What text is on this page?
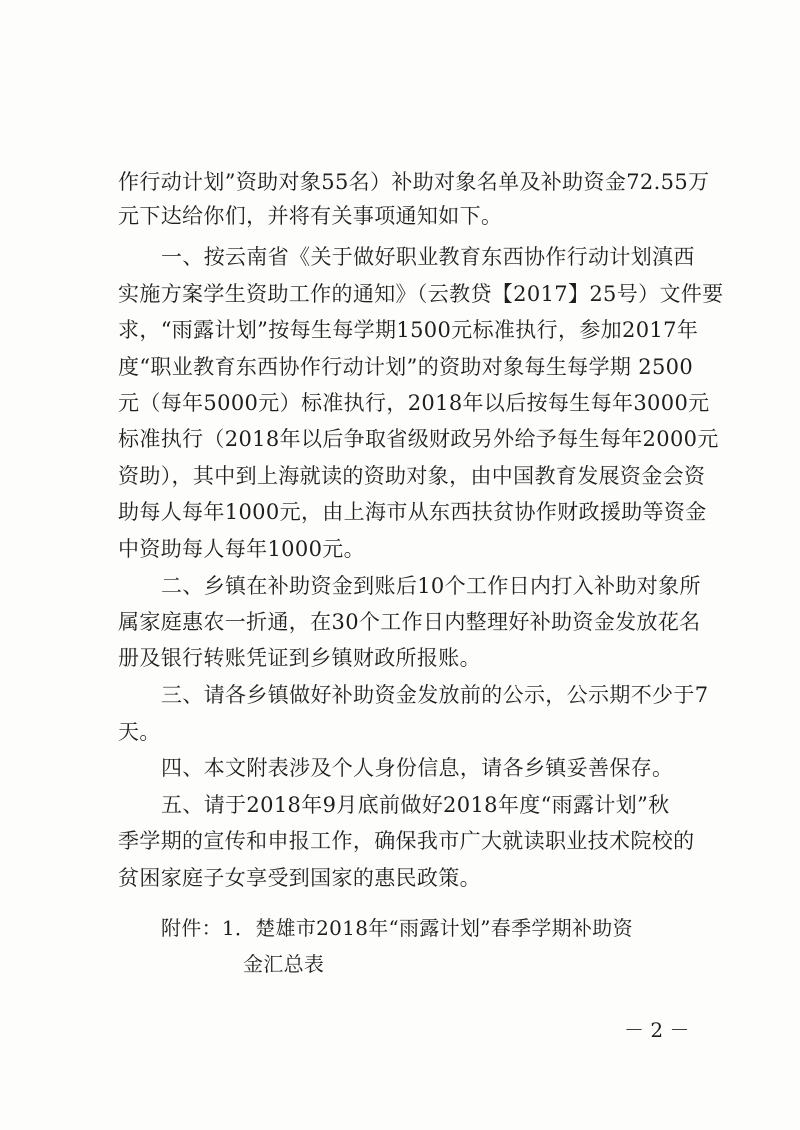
作行动计划”资助对象55名）补助对象名单及补助资金72.55万
元下达给你们，并将有关事项通知如下。
一、按云南省《关于做好职业教育东西协作行动计划滇西
实施方案学生资助工作的通知》（云教贷【2017】25号）文件要
求，“雨露计划”按每生每学期1500元标准执行，参加2017年
度“职业教育东西协作行动计划”的资助对象每生每学期 2500
元（每年5000元）标准执行，2018年以后按每生每年3000元
标准执行（2018年以后争取省级财政另外给予每生每年2000元
资助），其中到上海就读的资助对象，由中国教育发展资金会资
助每人每年1000元，由上海市从东西扶贫协作财政援助等资金
中资助每人每年1000元。
二、乡镇在补助资金到账后10个工作日内打入补助对象所
属家庭惠农一折通，在30个工作日内整理好补助资金发放花名
册及银行转账凭证到乡镇财政所报账。
三、请各乡镇做好补助资金发放前的公示，公示期不少于7
天。
四、本文附表涉及个人身份信息，请各乡镇妥善保存。
五、请于2018年9月底前做好2018年度“雨露计划”秋
季学期的宣传和申报工作，确保我市广大就读职业技术院校的
贫困家庭子女享受到国家的惠民政策。
附件：1．楚雄市2018年“雨露计划”春季学期补助资
金汇总表
－ 2 －
